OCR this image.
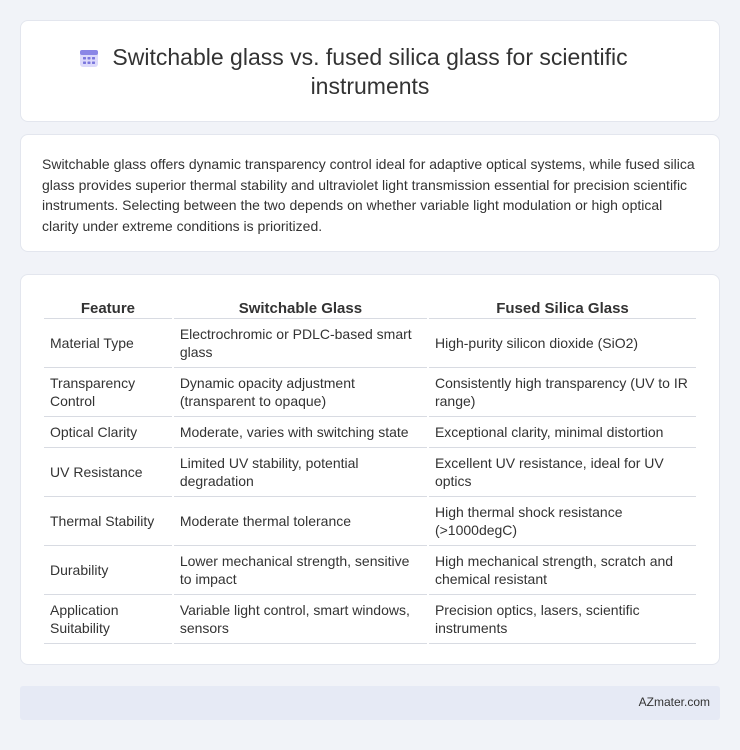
Switchable glass vs. fused silica glass for scientific instruments

Switchable glass offers dynamic transparency control ideal for adaptive optical systems, while fused silica glass provides superior thermal stability and ultraviolet light transmission essential for precision scientific instruments. Selecting between the two depends on whether variable light modulation or high optical clarity under extreme conditions is prioritized.

Feature	Switchable Glass	Fused Silica Glass
Material Type	Electrochromic or PDLC-based smart glass	High-purity silicon dioxide (SiO2)
Transparency Control	Dynamic opacity adjustment (transparent to opaque)	Consistently high transparency (UV to IR range)
Optical Clarity	Moderate, varies with switching state	Exceptional clarity, minimal distortion
UV Resistance	Limited UV stability, potential degradation	Excellent UV resistance, ideal for UV optics
Thermal Stability	Moderate thermal tolerance	High thermal shock resistance (>1000degC)
Durability	Lower mechanical strength, sensitive to impact	High mechanical strength, scratch and chemical resistant
Application Suitability	Variable light control, smart windows, sensors	Precision optics, lasers, scientific instruments
AZmater.com
